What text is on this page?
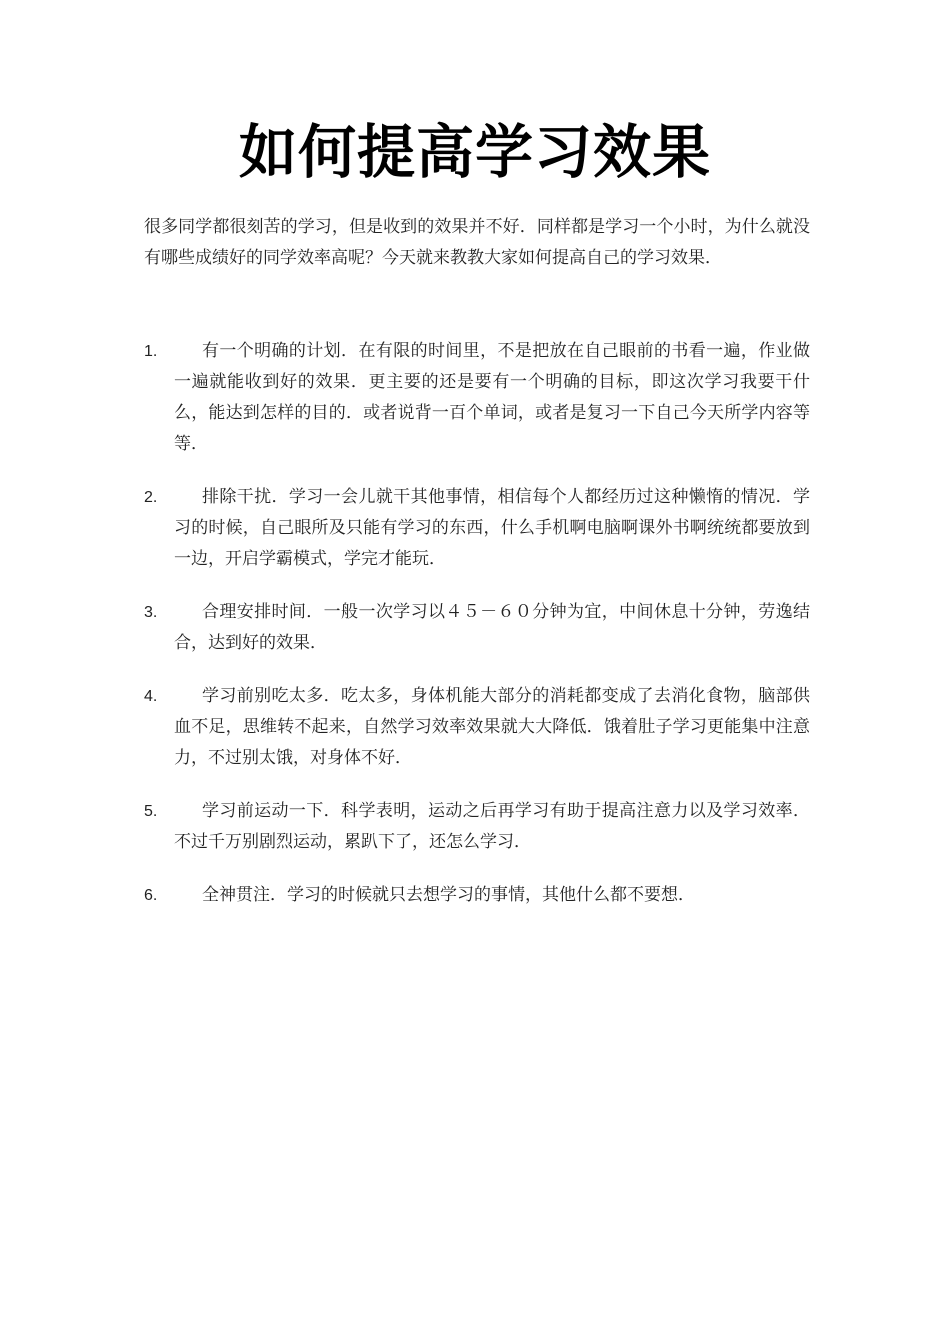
如何提高学习效果

很多同学都很刻苦的学习，但是收到的效果并不好．同样都是学习一个小时，为什么就没有哪些成绩好的同学效率高呢？今天就来教教大家如何提高自己的学习效果．

1.	有一个明确的计划．在有限的时间里，不是把放在自己眼前的书看一遍，作业做一遍就能收到好的效果．更主要的还是要有一个明确的目标，即这次学习我要干什么，能达到怎样的目的．或者说背一百个单词，或者是复习一下自己今天所学内容等等．
2.	排除干扰．学习一会儿就干其他事情，相信每个人都经历过这种懒惰的情况．学习的时候，自己眼所及只能有学习的东西，什么手机啊电脑啊课外书啊统统都要放到一边，开启学霸模式，学完才能玩．
3.	合理安排时间．一般一次学习以４５－６０分钟为宜，中间休息十分钟，劳逸结合，达到好的效果．
4.	学习前别吃太多．吃太多，身体机能大部分的消耗都变成了去消化食物，脑部供血不足，思维转不起来，自然学习效率效果就大大降低．饿着肚子学习更能集中注意力，不过别太饿，对身体不好．
5.	学习前运动一下．科学表明，运动之后再学习有助于提高注意力以及学习效率．不过千万别剧烈运动，累趴下了，还怎么学习．
6.	全神贯注．学习的时候就只去想学习的事情，其他什么都不要想．
